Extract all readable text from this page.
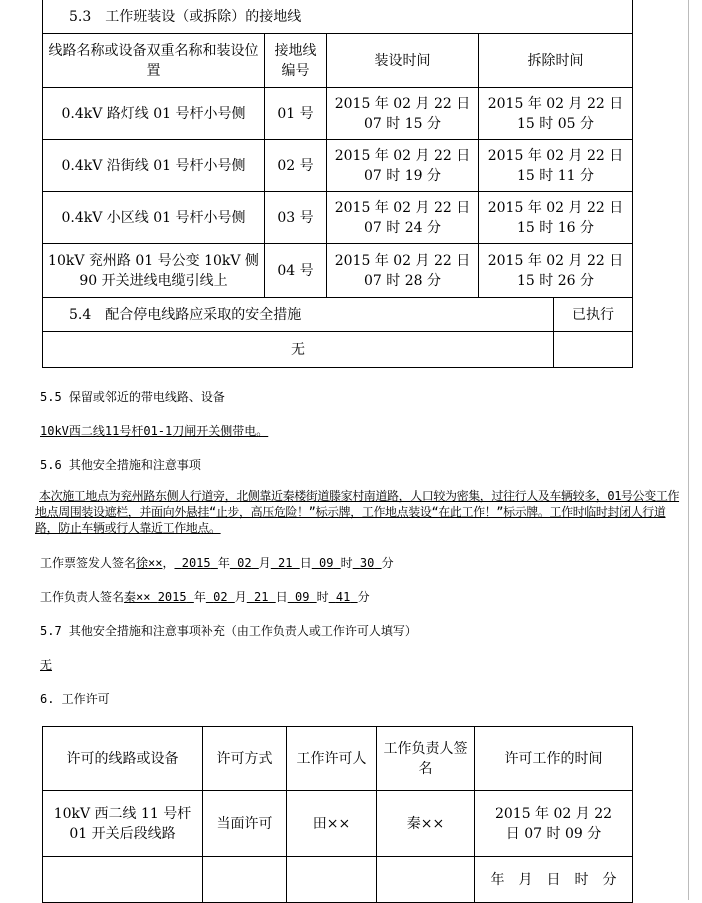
5.3　工作班装设（或拆除）的接地线				
线路名称或设备双重名称和装设位置	接地线编号	装设时间	拆除时间	
0.4kV 路灯线 01 号杆小号侧	01 号	2015 年 02 月 22 日 07 时 15 分	2015 年 02 月 22 日 15 时 05 分	
0.4kV 沿街线 01 号杆小号侧	02 号	2015 年 02 月 22 日 07 时 19 分	2015 年 02 月 22 日 15 时 11 分	
0.4kV 小区线 01 号杆小号侧	03 号	2015 年 02 月 22 日 07 时 24 分	2015 年 02 月 22 日 15 时 16 分	
10kV 兖州路 01 号公变 10kV 侧 90 开关进线电缆引线上	04 号	2015 年 02 月 22 日 07 时 28 分	2015 年 02 月 22 日 15 时 26 分	
5.4　配合停电线路应采取的安全措施				已执行
无				
5.5 保留或邻近的带电线路、设备
10kV西二线11号杆01-1刀闸开关侧带电。
5.6 其他安全措施和注意事项
本次施工地点为兖州路东侧人行道旁，北侧靠近秦楼街道滕家村南道路，人口较为密集，过往行人及车辆较多，01号公变工作地点周围装设遮栏，并面向外悬挂“止步，高压危险！”标示牌，工作地点装设“在此工作！”标示牌。工作时临时封闭人行道路，防止车辆或行人靠近工作地点。
工作票签发人签名徐××， 2015 年 02 月 21 日 09 时 30 分
工作负责人签名秦×× 2015 年 02 月 21 日 09 时 41 分
5.7 其他安全措施和注意事项补充（由工作负责人或工作许可人填写）
无
6. 工作许可
许可的线路或设备	许可方式	工作许可人	工作负责人签名	许可工作的时间
10kV 西二线 11 号杆 01 开关后段线路	当面许可	田××	秦××	2015 年 02 月 22 日 07 时 09 分
				年　月　日　时　分
